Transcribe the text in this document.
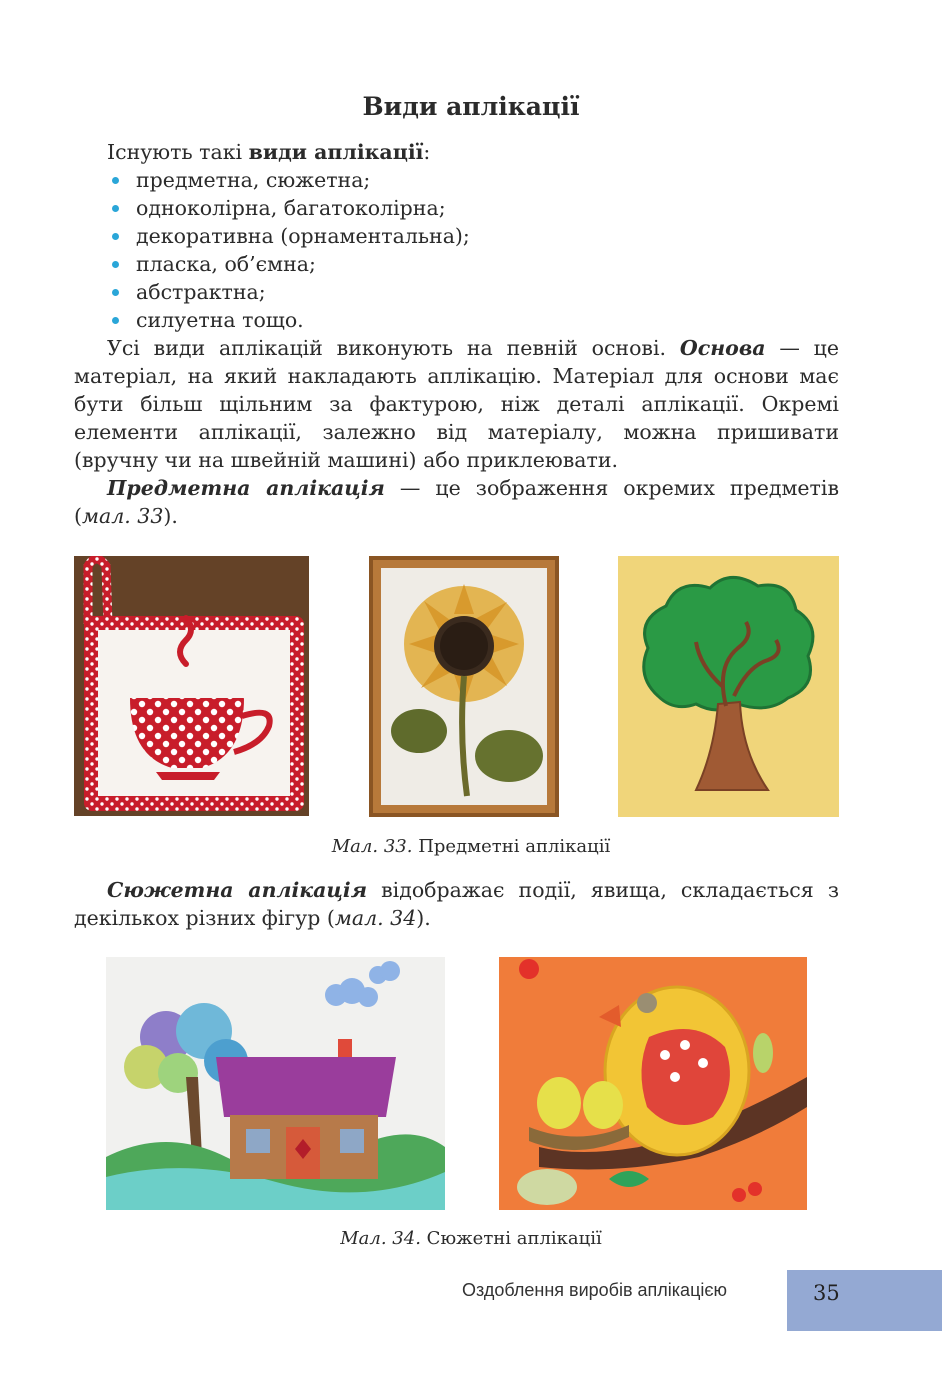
Види аплікації
Існують такі види аплікації:
предметна, сюжетна;
одноколірна, багатоколірна;
декоративна (орнаментальна);
пласка, об’ємна;
абстрактна;
силуетна тощо.
Усі види аплікацій виконують на певній основі. Основа — це матеріал, на який накладають аплікацію. Матеріал для основи має бути більш щільним за фактурою, ніж деталі аплікації. Окремі елементи аплікації, залежно від матеріалу, можна пришивати (вручну чи на швейній машині) або приклеювати.
Предметна аплікація — це зображення окремих предметів (мал. 33).
Мал. 33. Предметні аплікації
Сюжетна аплікація відображає події, явища, складається з декількох різних фігур (мал. 34).
Мал. 34. Сюжетні аплікації
Оздоблення виробів аплікацією	35
